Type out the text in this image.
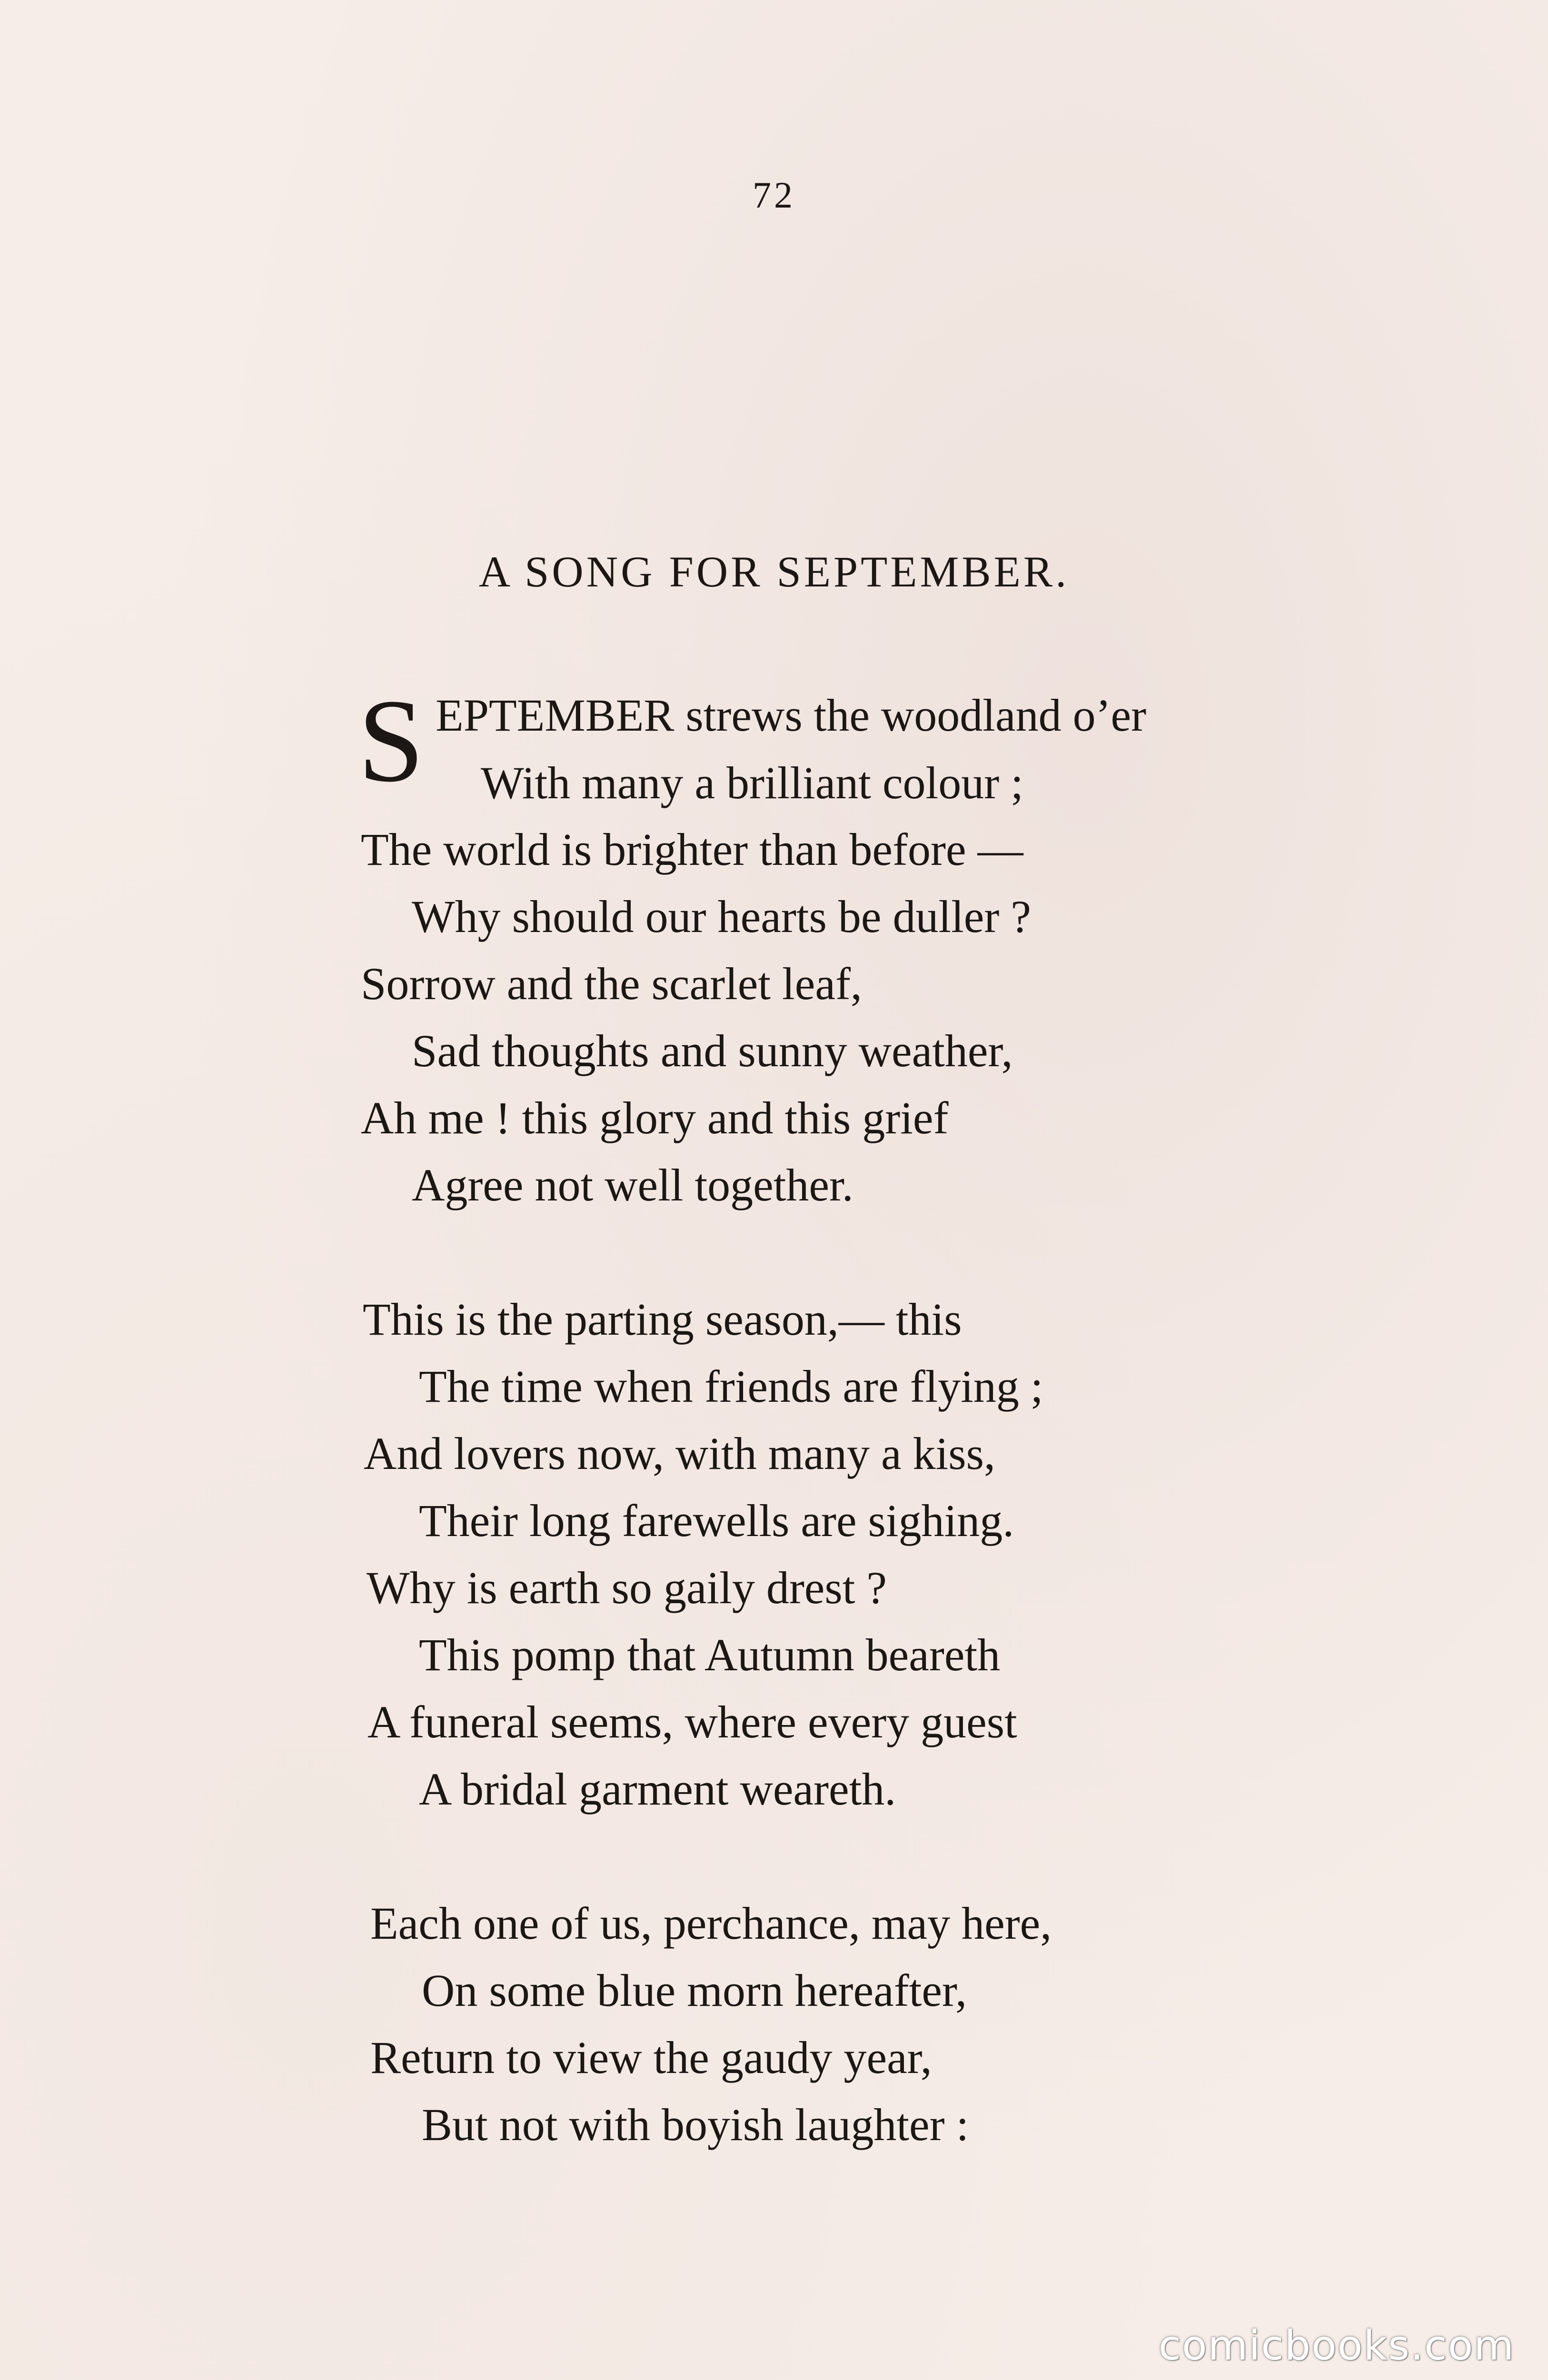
72
A SONG FOR SEPTEMBER.
S EPTEMBER strews the woodland o’er
With many a brilliant colour ;
The world is brighter than before —
Why should our hearts be duller ?
Sorrow and the scarlet leaf,
Sad thoughts and sunny weather,
Ah me ! this glory and this grief
Agree not well together.
This is the parting season,— this
The time when friends are flying ;
And lovers now, with many a kiss,
Their long farewells are sighing.
Why is earth so gaily drest ?
This pomp that Autumn beareth
A funeral seems, where every guest
A bridal garment weareth.
Each one of us, perchance, may here,
On some blue morn hereafter,
Return to view the gaudy year,
But not with boyish laughter :
comicbooks.com
